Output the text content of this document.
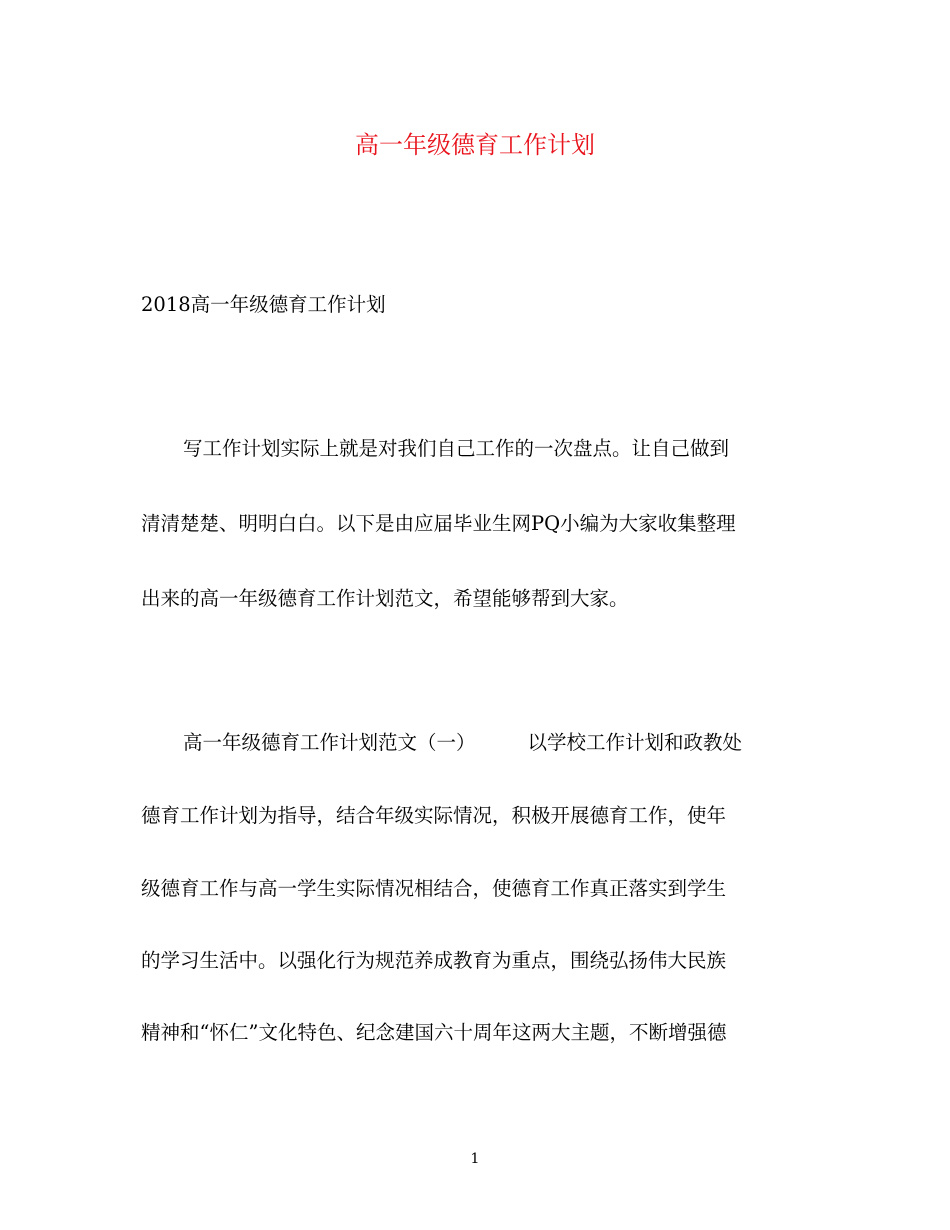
高一年级德育工作计划
2018高一年级德育工作计划
写工作计划实际上就是对我们自己工作的一次盘点。让自己做到
清清楚楚、明明白白。以下是由应届毕业生网PQ小编为大家收集整理
出来的高一年级德育工作计划范文，希望能够帮到大家。
高一年级德育工作计划范文（一）	以学校工作计划和政教处
德育工作计划为指导，结合年级实际情况，积极开展德育工作，使年
级德育工作与高一学生实际情况相结合，使德育工作真正落实到学生
的学习生活中。以强化行为规范养成教育为重点，围绕弘扬伟大民族
精神和“怀仁”文化特色、纪念建国六十周年这两大主题，不断增强德
1
